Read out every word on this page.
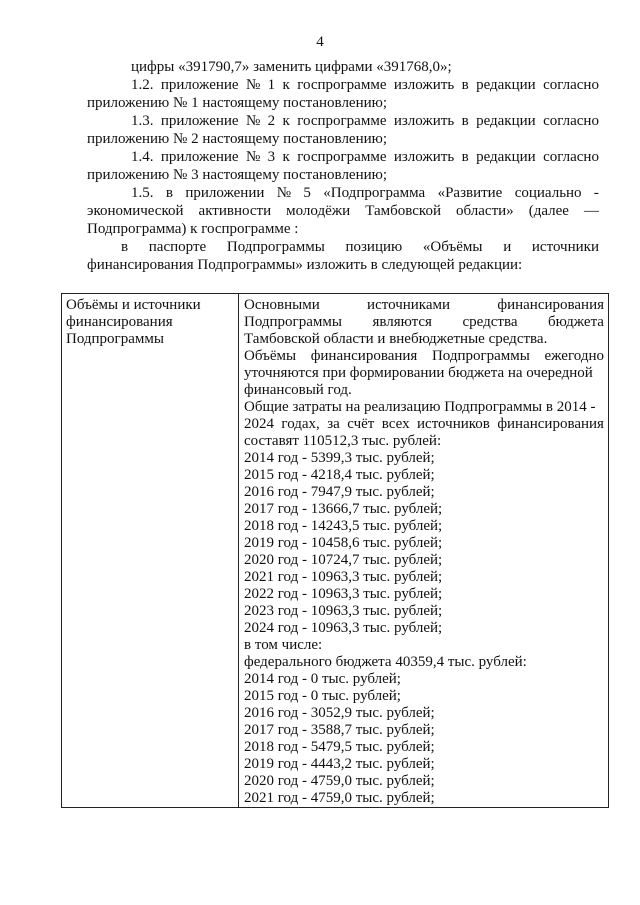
4

цифры «391790,7» заменить цифрами «391768,0»;

1.2. приложение № 1 к госпрограмме изложить в редакции согласно
приложению № 1 настоящему постановлению;

1.3. приложение № 2 к госпрограмме изложить в редакции согласно
приложению № 2 настоящему постановлению;

1.4. приложение № 3 к госпрограмме изложить в редакции согласно
приложению № 3 настоящему постановлению;

1.5. в приложении № 5 «Подпрограмма «Развитие социально -
экономической активности молодёжи Тамбовской области» (далее —
Подпрограмма) к госпрограмме :

в паспорте Подпрограммы позицию «Объёмы и источники
финансирования Подпрограммы» изложить в следующей редакции:

Объёмы и источники
финансирования
Подпрограммы

Основными	источниками	финансирования
Подпрограммы являются средства бюджета
Тамбовской области и внебюджетные средства.
Объёмы финансирования Подпрограммы ежегодно
уточняются при формировании бюджета на очередной
финансовый год.
Общие затраты на реализацию Подпрограммы в 2014 -
2024 годах, за счёт всех источников финансирования
составят 110512,3 тыс. рублей:
2014 год - 5399,3 тыс. рублей;
2015 год - 4218,4 тыс. рублей;
2016 год - 7947,9 тыс. рублей;
2017 год - 13666,7 тыс. рублей;
2018 год - 14243,5 тыс. рублей;
2019 год - 10458,6 тыс. рублей;
2020 год - 10724,7 тыс. рублей;
2021 год - 10963,3 тыс. рублей;
2022 год - 10963,3 тыс. рублей;
2023 год - 10963,3 тыс. рублей;
2024 год - 10963,3 тыс. рублей;
в том числе:
федерального бюджета 40359,4 тыс. рублей:
2014 год - 0 тыс. рублей;
2015 год - 0 тыс. рублей;
2016 год - 3052,9 тыс. рублей;
2017 год - 3588,7 тыс. рублей;
2018 год - 5479,5 тыс. рублей;
2019 год - 4443,2 тыс. рублей;
2020 год - 4759,0 тыс. рублей;
2021 год - 4759,0 тыс. рублей;
